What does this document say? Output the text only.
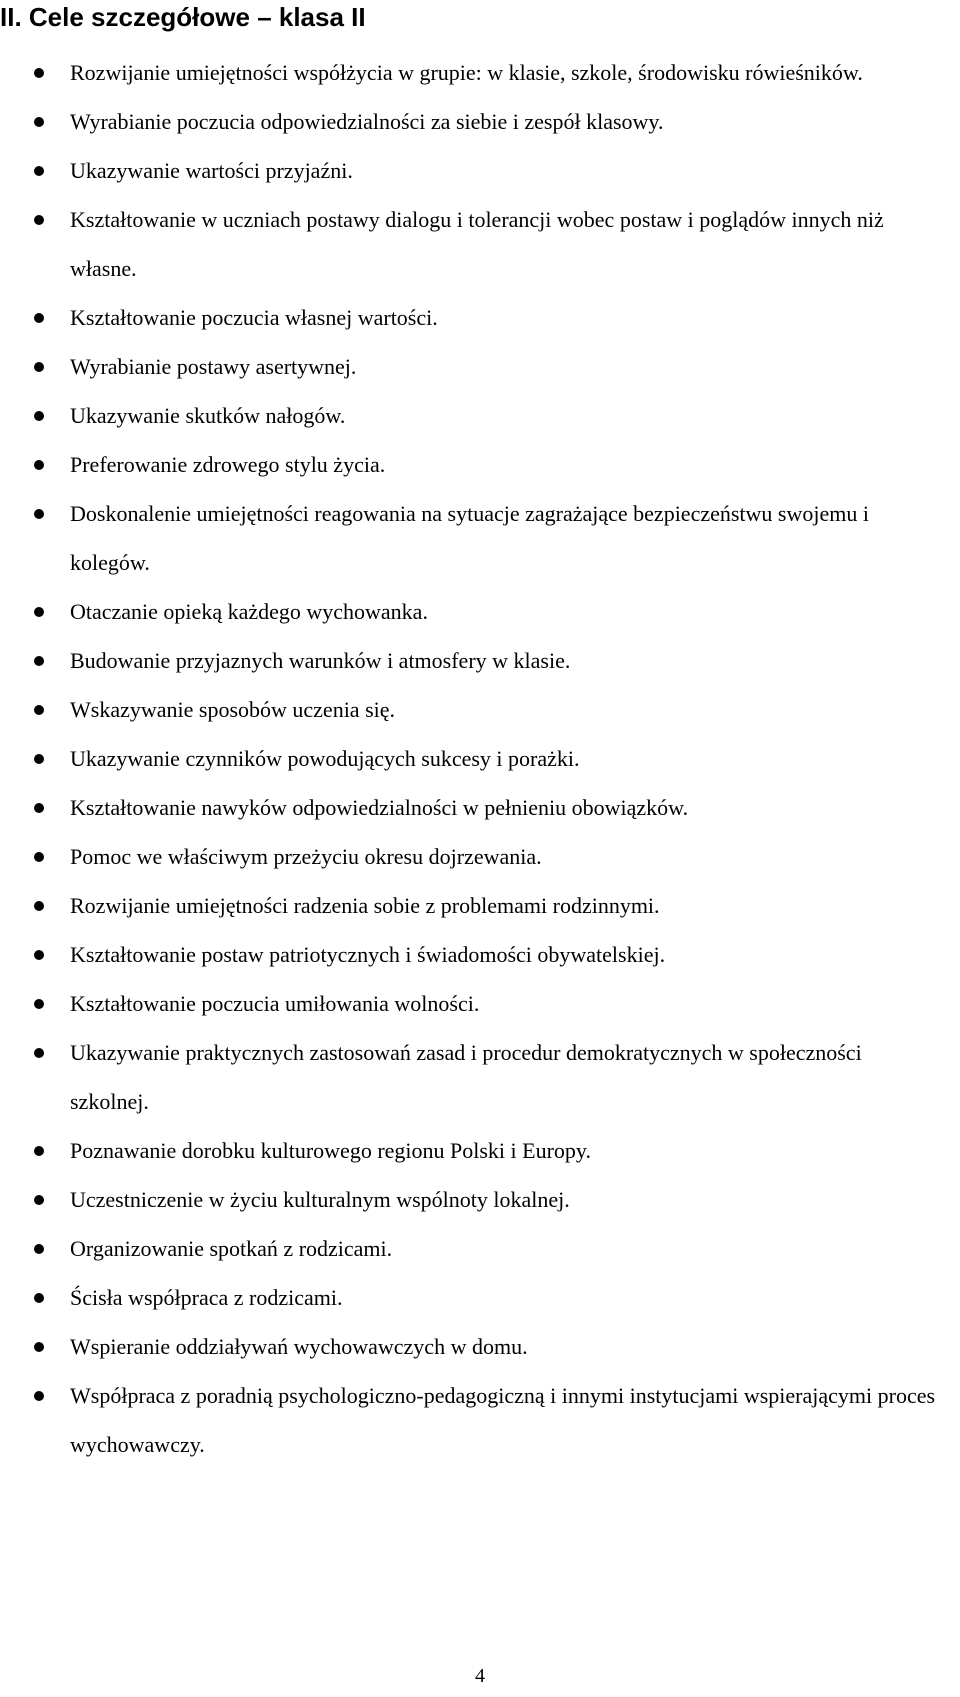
II. Cele szczegółowe – klasa II
Rozwijanie umiejętności współżycia w grupie: w klasie, szkole, środowisku rówieśników.
Wyrabianie poczucia odpowiedzialności za siebie i zespół klasowy.
Ukazywanie wartości przyjaźni.
Kształtowanie w uczniach postawy dialogu i tolerancji wobec postaw i poglądów innych niż własne.
Kształtowanie poczucia własnej wartości.
Wyrabianie postawy asertywnej.
Ukazywanie skutków nałogów.
Preferowanie zdrowego stylu życia.
Doskonalenie umiejętności reagowania na sytuacje zagrażające bezpieczeństwu swojemu i kolegów.
Otaczanie opieką każdego wychowanka.
Budowanie przyjaznych warunków i atmosfery w klasie.
Wskazywanie sposobów uczenia się.
Ukazywanie czynników powodujących sukcesy i porażki.
Kształtowanie nawyków odpowiedzialności w pełnieniu obowiązków.
Pomoc we właściwym przeżyciu okresu dojrzewania.
Rozwijanie umiejętności radzenia sobie z problemami rodzinnymi.
Kształtowanie postaw patriotycznych i świadomości obywatelskiej.
Kształtowanie poczucia umiłowania wolności.
Ukazywanie praktycznych zastosowań zasad i procedur demokratycznych w społeczności szkolnej.
Poznawanie dorobku kulturowego regionu Polski i Europy.
Uczestniczenie w życiu kulturalnym wspólnoty lokalnej.
Organizowanie spotkań z rodzicami.
Ścisła współpraca z rodzicami.
Wspieranie oddziaływań wychowawczych w domu.
Współpraca z poradnią psychologiczno-pedagogiczną i innymi instytucjami wspierającymi proces wychowawczy.
4
